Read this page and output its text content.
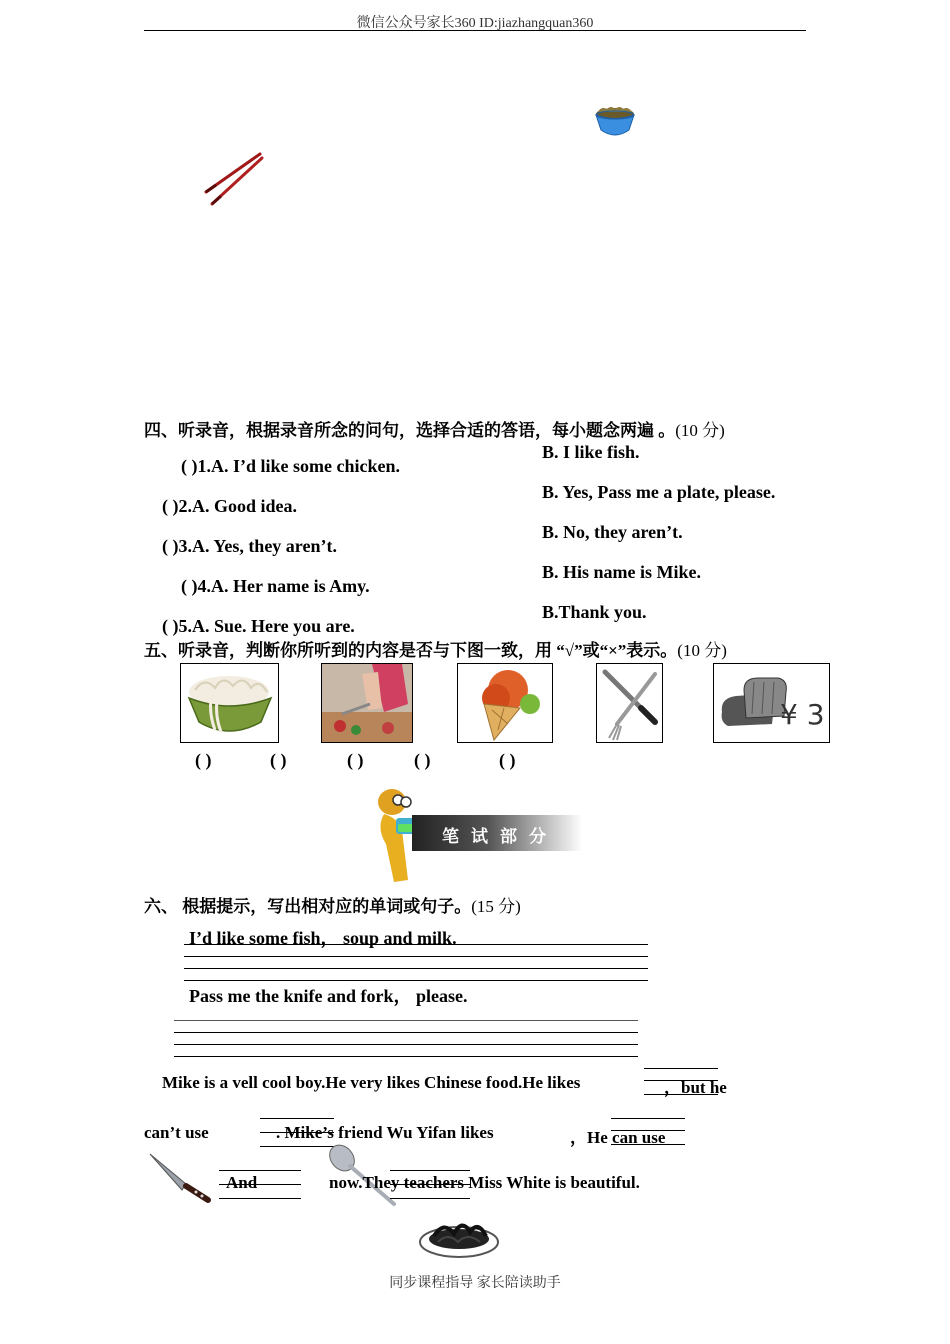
微信公众号家长360 ID:jiazhangquan360
四、听录音，根据录音所念的问句，选择合适的答语，每小题念两遍 。(10 分)
( )1.A. I’d like some chicken.
B. I like fish.
( )2.A. Good idea.
B. Yes, Pass me a plate, please.
( )3.A. Yes, they aren’t.
B. No, they aren’t.
( )4.A. Her name is Amy.
B. His name is Mike.
( )5.A. Sue. Here you are.
B.Thank you.
五、听录音，判断你所听到的内容是否与下图一致，用 “√”或“×”表示。(10 分)
¥ 3
( )	( )	( )	( )	( )
笔试部分
六、 根据提示，写出相对应的单词或句子。(15 分)
I’d like some fish， soup and milk.
Pass me the knife and fork， please.
Mike is a vell cool boy.He very likes Chinese food.He likes	，but he
can’t use	. Mike’s friend Wu Yifan likes	，He can use
And	now.They teachers Miss White is beautiful.
同步课程指导 家长陪读助手
